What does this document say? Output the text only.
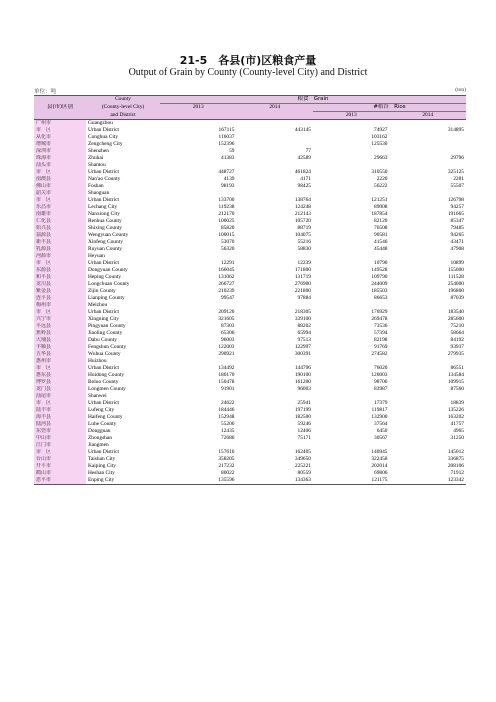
21-5　各县(市)区粮食产量
Output of Grain by County (County-level City) and District
单位：吨	(ton)
	County	粮食　Grain			
县(市)区别	(County-level City)	2013	2014	#稻谷　Rice	
	and District			2013	2014
广州市	Guangzhou				
市　区	Urban District	167115	443145	74927	314895
从化市	Conghua City	116037		103162	
增城市	Zengcheng City	152396		125530	
深圳市	Shenzhen	59	77		
珠海市	Zhuhai	41383	42589	29663	29796
汕头市	Shantou				
市　区	Urban District	448727	461824	310550	325125
南澳县	Nan'ao County	4139	4171	2220	2281
佛山市	Foshan	98193	98425	56222	55507
韶关市	Shaoguan				
市　区	Urban District	133700	138764	121251	126798
乐昌市	Lechang City	119238	124248	89008	94257
南雄市	Nanxiong City	212170	212143	187854	191665
仁化县	Renhua County	100025	105720	82120	85347
始兴县	Shixing County	85820	88719	76508	79485
翁源县	Wengyuan County	100015	104075	90581	94265
新丰县	Xinfeng County	53070	55216	41546	43471
乳源县	Ruyuan County	56320	58830	45448	47908
河源市	Heyuan				
市　区	Urban District	12291	12239	10790	10899
东源县	Dongyuan County	166045	171800	149528	155000
和平县	Heping County	131062	131719	109790	111528
龙川县	Longchuan County	266727	276900	244009	254000
紫金县	Zijin County	210239	221800	185503	196800
连平县	Lianping County	99547	97884	86653	87039
梅州市	Meizhou				
市　区	Urban District	209126	218305	176929	183540
兴宁市	Xingning City	321605	339100	269478	285600
平远县	Pingyuan County	87303	88202	73536	75210
蕉岭县	Jiaoling County	65306	65994	57394	58664
大埔县	Dabu County	96003	97513	82198	84192
丰顺县	Fengshun County	122003	122997	91769	93937
五华县	Wuhua County	290921	300391	274582	279935
惠州市	Huizhou				
市　区	Urban District	134492	144796	76020	86551
惠东县	Huidong County	180170	190100	120003	134584
博罗县	Boluo County	150478	161200	98706	109915
龙门县	Longmen County	91901	96003	83987	87560
汕尾市	Shanwei				
市　区	Urban District	24622	25941	17379	18839
陆丰市	Lufeng City	184446	197199	119817	135226
海丰县	Haifeng County	152948	182500	132900	163202
陆河县	Luhe County	55206	59246	37564	41757
东莞市	Dongguan	12435	12406	6450	4965
中山市	Zhongshan	72686	75171	30567	31250
江门市	Jiangmen				
市　区	Urban District	157616	162405	140945	145012
台山市	Taishan City	358205	349650	322458	336875
开平市	Kaiping City	217232	225221	202014	208106
鹤山市	Heshan City	80022	80559	69806	71912
恩平市	Enping City	135596	134363	121175	123342
